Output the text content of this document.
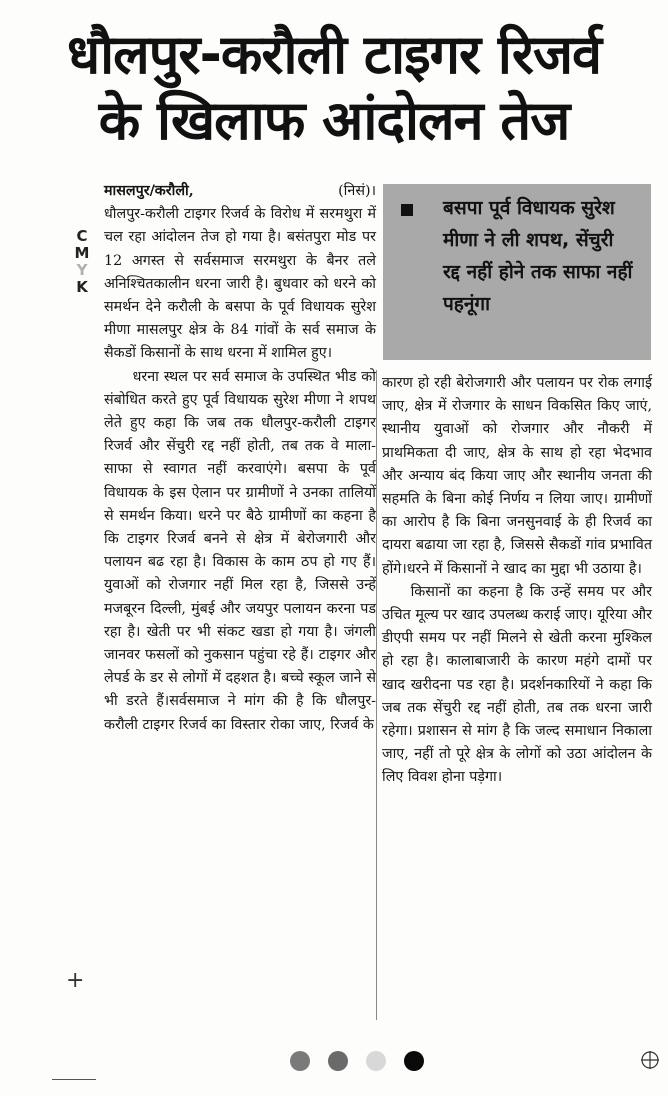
धौलपुर-करौली टाइगर रिजर्व
के खिलाफ आंदोलन तेज
C
M
Y
K

मासलपुर/करौली,	(निसं)।

धौलपुर-करौली टाइगर रिजर्व के विरोध में सरमथुरा में चल रहा आंदोलन तेज हो गया है। बसंतपुरा मोड पर 12 अगस्त से सर्वसमाज सरमथुरा के बैनर तले अनिश्चितकालीन धरना जारी है। बुधवार को धरने को समर्थन देने करौली के बसपा के पूर्व विधायक सुरेश मीणा मासलपुर क्षेत्र के 84 गांवों के सर्व समाज के सैकडों किसानों के साथ धरना में शामिल हुए।

धरना स्थल पर सर्व समाज के उपस्थित भीड को संबोधित करते हुए पूर्व विधायक सुरेश मीणा ने शपथ लेते हुए कहा कि जब तक धौलपुर-करौली टाइगर रिजर्व और सेंचुरी रद्द नहीं होती, तब तक वे माला-साफा से स्वागत नहीं करवाएंगे। बसपा के पूर्व विधायक के इस ऐलान पर ग्रामीणों ने उनका तालियों से समर्थन किया। धरने पर बैठे ग्रामीणों का कहना है कि टाइगर रिजर्व बनने से क्षेत्र में बेरोजगारी और पलायन बढ रहा है। विकास के काम ठप हो गए हैं। युवाओं को रोजगार नहीं मिल रहा है, जिससे उन्हें मजबूरन दिल्ली, मुंबई और जयपुर पलायन करना पड रहा है। खेती पर भी संकट खडा हो गया है। जंगली जानवर फसलों को नुकसान पहुंचा रहे हैं। टाइगर और लेपर्ड के डर से लोगों में दहशत है। बच्चे स्कूल जाने से भी डरते हैं।सर्वसमाज ने मांग की है कि धौलपुर-करौली टाइगर रिजर्व का विस्तार रोका जाए, रिजर्व के

बसपा पूर्व विधायक सुरेश मीणा ने ली शपथ, सेंचुरी रद्द नहीं होने तक साफा नहीं पहनूंगा

कारण हो रही बेरोजगारी और पलायन पर रोक लगाई जाए, क्षेत्र में रोजगार के साधन विकसित किए जाएं, स्थानीय युवाओं को रोजगार और नौकरी में प्राथमिकता दी जाए, क्षेत्र के साथ हो रहा भेदभाव और अन्याय बंद किया जाए और स्थानीय जनता की सहमति के बिना कोई निर्णय न लिया जाए। ग्रामीणों का आरोप है कि बिना जनसुनवाई के ही रिजर्व का दायरा बढाया जा रहा है, जिससे सैकडों गांव प्रभावित होंगे।धरने में किसानों ने खाद का मुद्दा भी उठाया है।

किसानों का कहना है कि उन्हें समय पर और उचित मूल्य पर खाद उपलब्ध कराई जाए। यूरिया और डीएपी समय पर नहीं मिलने से खेती करना मुश्किल हो रहा है। कालाबाजारी के कारण महंगे दामों पर खाद खरीदना पड रहा है। प्रदर्शनकारियों ने कहा कि जब तक सेंचुरी रद्द नहीं होती, तब तक धरना जारी रहेगा। प्रशासन से मांग है कि जल्द समाधान निकाला जाए, नहीं तो पूरे क्षेत्र के लोगों को उठा आंदोलन के लिए विवश होना पड़ेगा।

+
